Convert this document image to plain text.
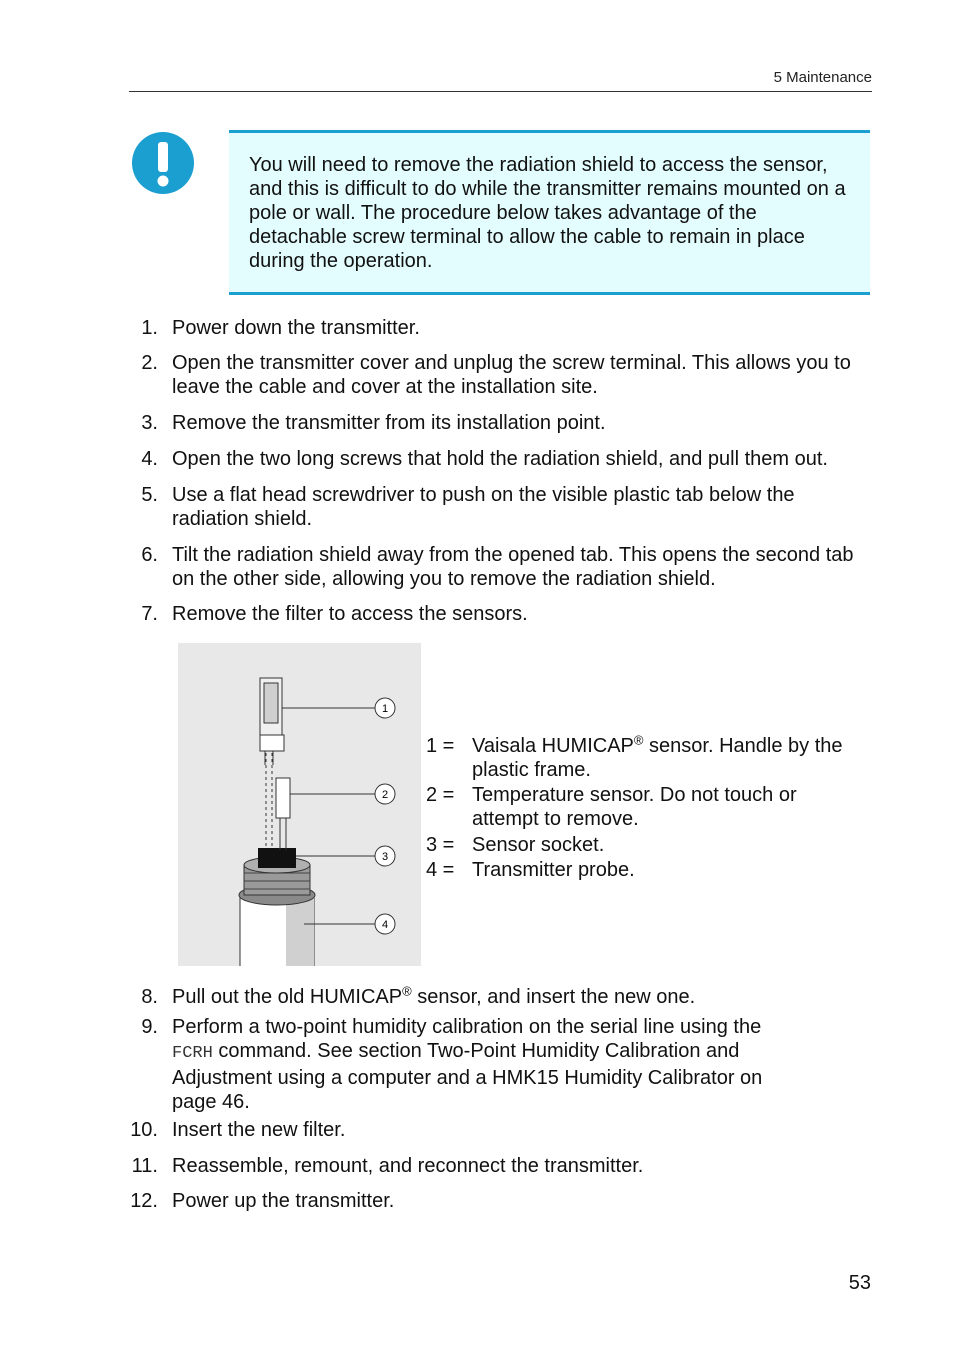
5 Maintenance
You will need to remove the radiation shield to access the sensor, and this is difficult to do while the transmitter remains mounted on a pole or wall. The procedure below takes advantage of the detachable screw terminal to allow the cable to remain in place during the operation.
1. Power down the transmitter.
2. Open the transmitter cover and unplug the screw terminal. This allows you to leave the cable and cover at the installation site.
3. Remove the transmitter from its installation point.
4. Open the two long screws that hold the radiation shield, and pull them out.
5. Use a flat head screwdriver to push on the visible plastic tab below the radiation shield.
6. Tilt the radiation shield away from the opened tab. This opens the second tab on the other side, allowing you to remove the radiation shield.
7. Remove the filter to access the sensors.
1
2
3
4
1 = Vaisala HUMICAP® sensor. Handle by the plastic frame.
2 = Temperature sensor. Do not touch or attempt to remove.
3 = Sensor socket.
4 = Transmitter probe.
8. Pull out the old HUMICAP® sensor, and insert the new one.
9. Perform a two-point humidity calibration on the serial line using the FCRH command. See section Two-Point Humidity Calibration and Adjustment using a computer and a HMK15 Humidity Calibrator on page 46.
10. Insert the new filter.
11. Reassemble, remount, and reconnect the transmitter.
12. Power up the transmitter.
53
